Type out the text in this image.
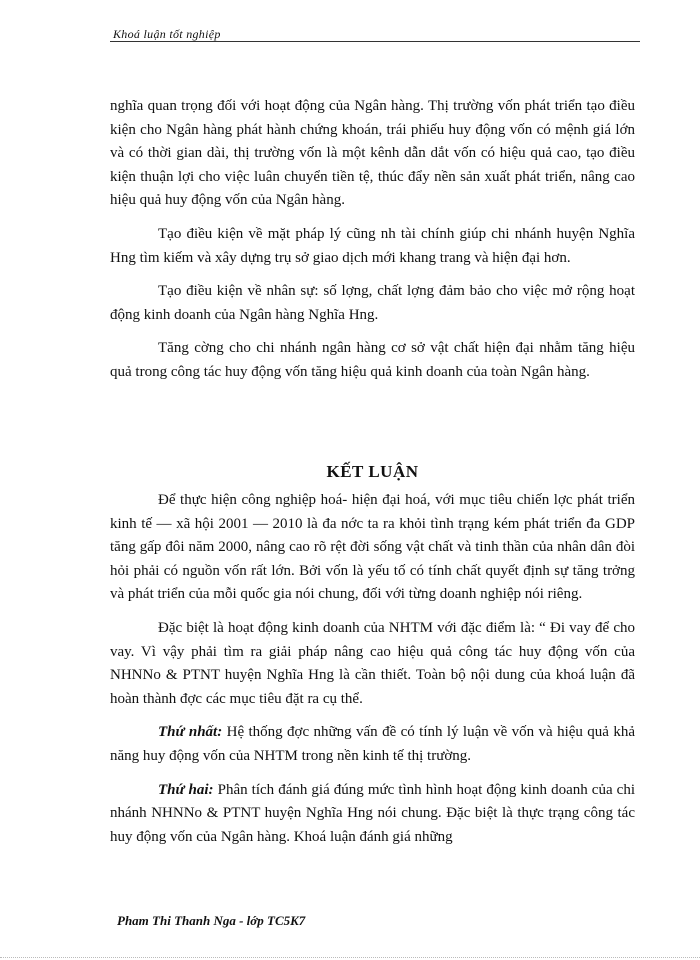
Khoá luận tốt nghiệp

nghĩa quan trọng đối với hoạt động của Ngân hàng. Thị trường vốn phát triển tạo điều kiện cho Ngân hàng phát hành chứng khoán, trái phiếu huy động vốn có mệnh giá lớn và có thời gian dài, thị trường vốn là một kênh dẫn dắt vốn có hiệu quả cao, tạo điều kiện thuận lợi cho việc luân chuyển tiền tệ, thúc đẩy nền sản xuất phát triển, nâng cao hiệu quả huy động vốn của Ngân hàng.

Tạo điều kiện về mặt pháp lý cũng nh tài chính giúp chi nhánh huyện Nghĩa Hng tìm kiếm và xây dựng trụ sở giao dịch mới khang trang và hiện đại hơn.

Tạo điều kiện về nhân sự: số lợng, chất lợng đảm bảo cho việc mở rộng hoạt động kinh doanh của Ngân hàng Nghĩa Hng.

Tăng cờng cho chi nhánh ngân hàng cơ sở vật chất hiện đại nhằm tăng hiệu quả trong công tác huy động vốn tăng hiệu quả kinh doanh của toàn Ngân hàng.

KẾT LUẬN

Để thực hiện công nghiệp hoá- hiện đại hoá, với mục tiêu chiến lợc phát triển kinh tế — xã hội 2001 — 2010 là đa nớc ta ra khỏi tình trạng kém phát triển đa GDP tăng gấp đôi năm 2000, nâng cao rõ rệt đời sống vật chất và tinh thần của nhân dân đòi hỏi phải có nguồn vốn rất lớn. Bởi vốn là yếu tố có tính chất quyết định sự tăng trởng và phát triển của mỗi quốc gia nói chung, đối với từng doanh nghiệp nói riêng.

Đặc biệt là hoạt động kinh doanh của NHTM với đặc điểm là: “ Đi vay để cho vay. Vì vậy phải tìm ra giải pháp nâng cao hiệu quả công tác huy động vốn của NHNNo & PTNT huyện Nghĩa Hng là cần thiết. Toàn bộ nội dung của khoá luận đã hoàn thành đợc các mục tiêu đặt ra cụ thể.

Thứ nhất: Hệ thống đợc những vấn đề có tính lý luận về vốn và hiệu quả khả năng huy động vốn của NHTM trong nền kinh tế thị trường.

Thứ hai: Phân tích đánh giá đúng mức tình hình hoạt động kinh doanh của chi nhánh NHNNo & PTNT huyện Nghĩa Hng nói chung. Đặc biệt là thực trạng công tác huy động vốn của Ngân hàng. Khoá luận đánh giá những

Pham Thi Thanh Nga - lớp TC5K7
